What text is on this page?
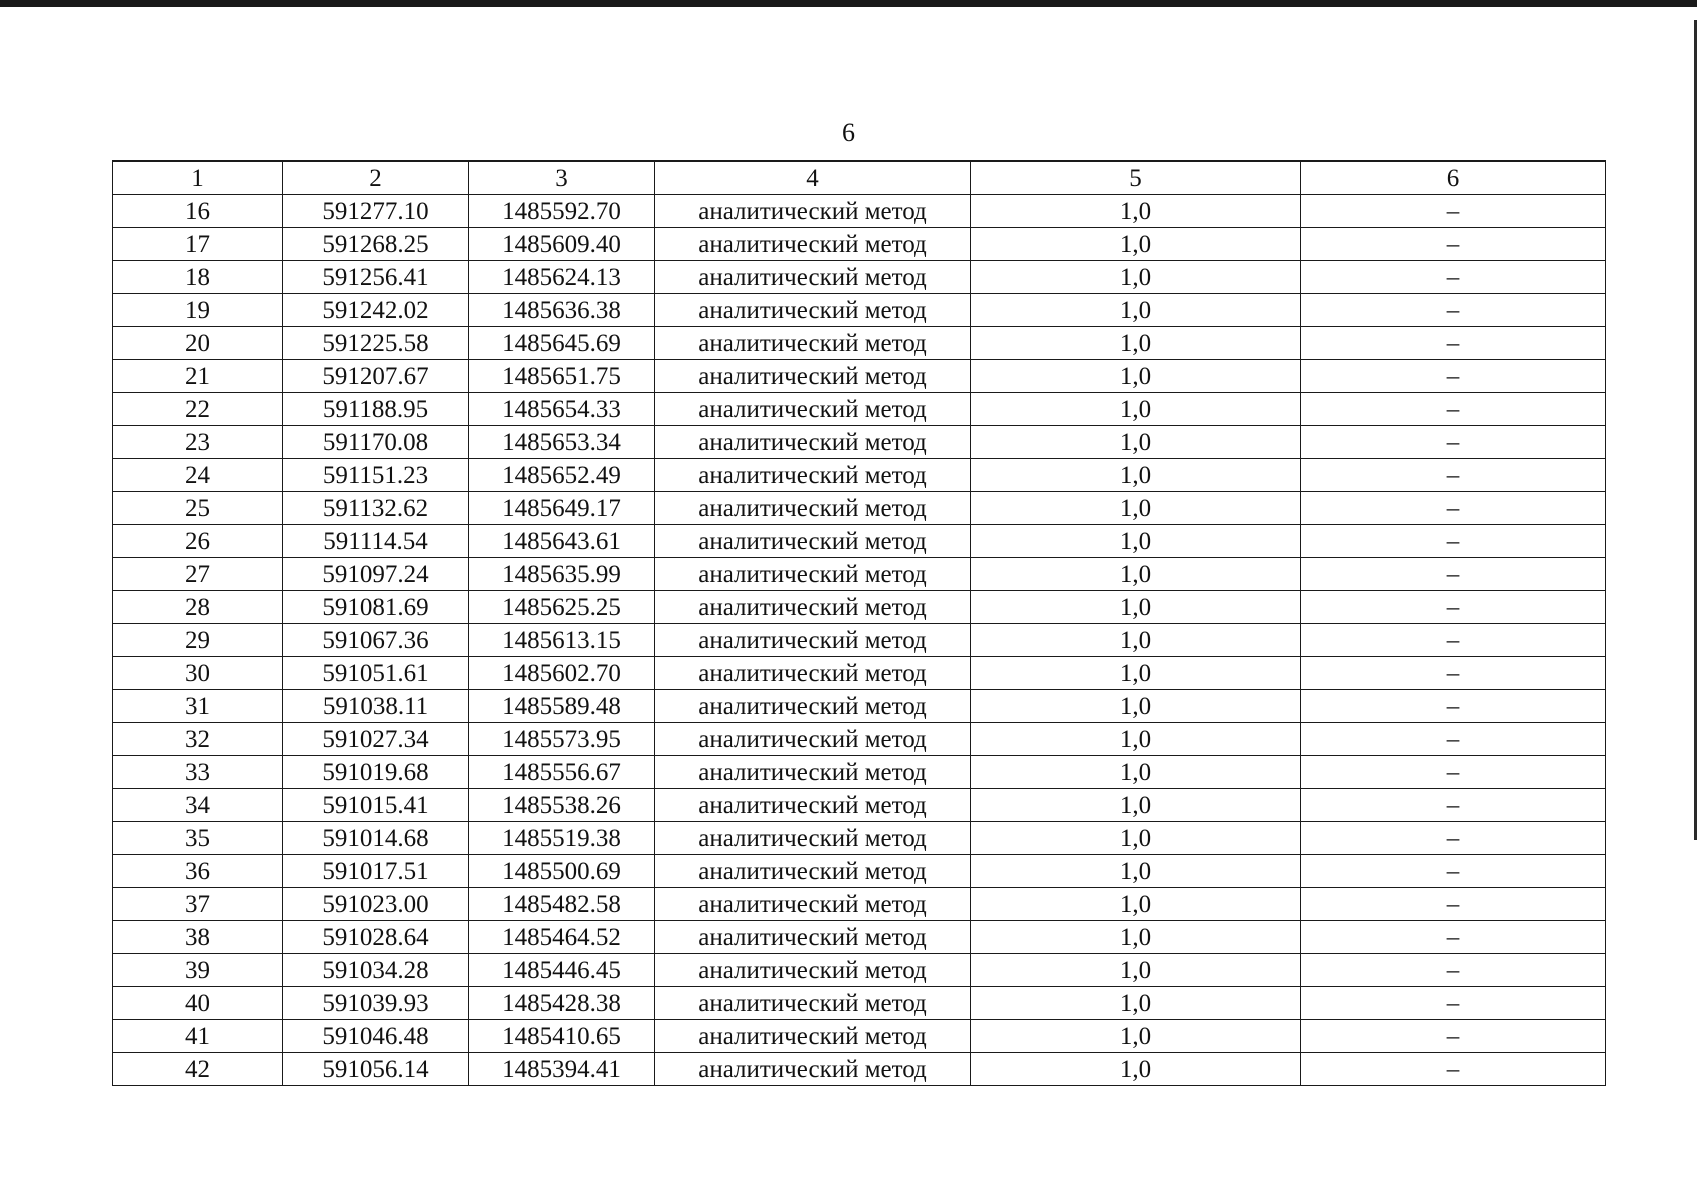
6
1	2	3	4	5	6
16	591277.10	1485592.70	аналитический метод	1,0	–
17	591268.25	1485609.40	аналитический метод	1,0	–
18	591256.41	1485624.13	аналитический метод	1,0	–
19	591242.02	1485636.38	аналитический метод	1,0	–
20	591225.58	1485645.69	аналитический метод	1,0	–
21	591207.67	1485651.75	аналитический метод	1,0	–
22	591188.95	1485654.33	аналитический метод	1,0	–
23	591170.08	1485653.34	аналитический метод	1,0	–
24	591151.23	1485652.49	аналитический метод	1,0	–
25	591132.62	1485649.17	аналитический метод	1,0	–
26	591114.54	1485643.61	аналитический метод	1,0	–
27	591097.24	1485635.99	аналитический метод	1,0	–
28	591081.69	1485625.25	аналитический метод	1,0	–
29	591067.36	1485613.15	аналитический метод	1,0	–
30	591051.61	1485602.70	аналитический метод	1,0	–
31	591038.11	1485589.48	аналитический метод	1,0	–
32	591027.34	1485573.95	аналитический метод	1,0	–
33	591019.68	1485556.67	аналитический метод	1,0	–
34	591015.41	1485538.26	аналитический метод	1,0	–
35	591014.68	1485519.38	аналитический метод	1,0	–
36	591017.51	1485500.69	аналитический метод	1,0	–
37	591023.00	1485482.58	аналитический метод	1,0	–
38	591028.64	1485464.52	аналитический метод	1,0	–
39	591034.28	1485446.45	аналитический метод	1,0	–
40	591039.93	1485428.38	аналитический метод	1,0	–
41	591046.48	1485410.65	аналитический метод	1,0	–
42	591056.14	1485394.41	аналитический метод	1,0	–
